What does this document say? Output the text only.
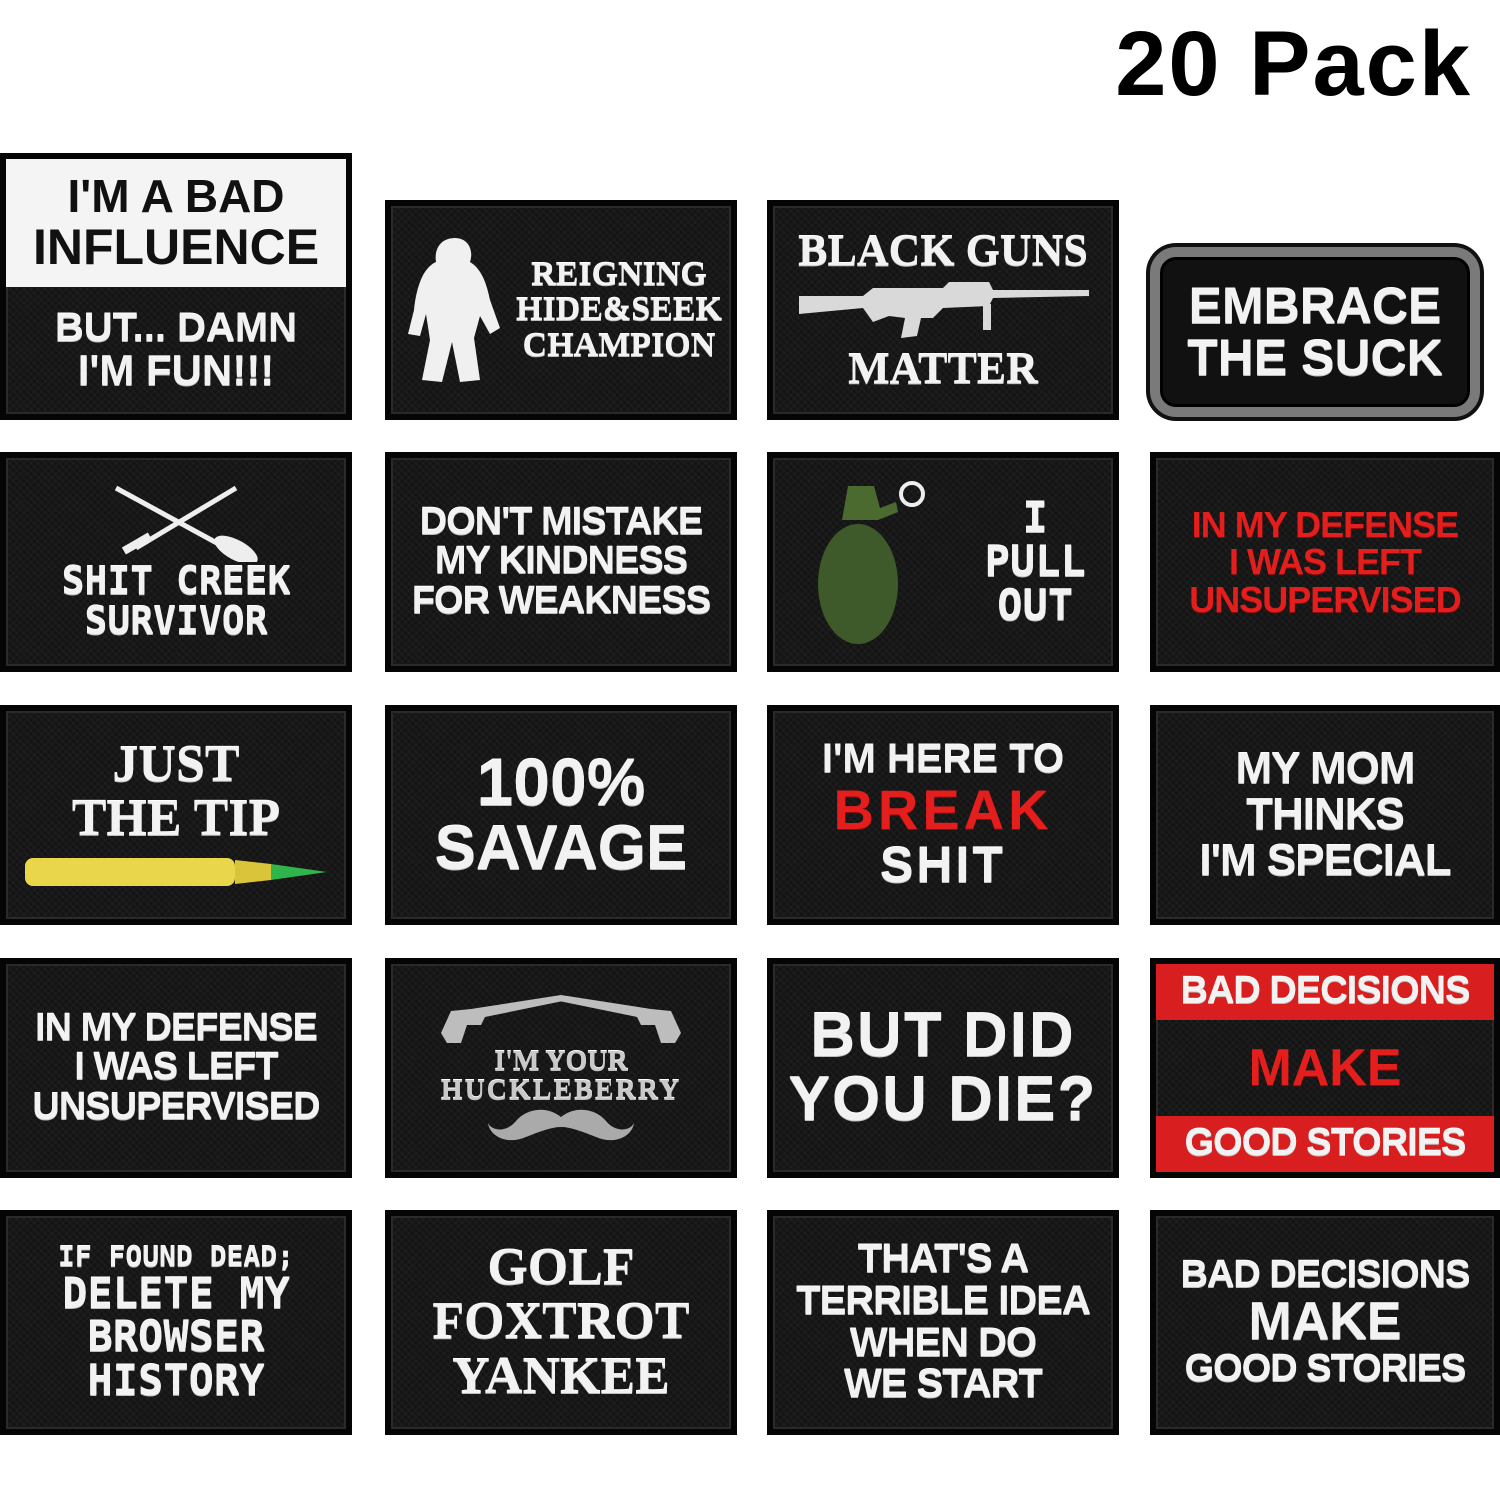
20 Pack
I'M A BAD
INFLUENCE
BUT... DAMN
I'M FUN!!!
REIGNING
HIDE&SEEK
CHAMPION
BLACK GUNS
MATTER
EMBRACE
THE SUCK
SHIT CREEK
SURVIVOR
DON'T MISTAKE
MY KINDNESS
FOR WEAKNESS
I
PULL
OUT
IN MY DEFENSE
I WAS LEFT
UNSUPERVISED
JUST
THE TIP	100%
SAVAGE
I'M HERE TO
BREAK
SHIT
MY MOM
THINKS
I'M SPECIAL
IN MY DEFENSE
I WAS LEFT
UNSUPERVISED
I'M YOUR
HUCKLEBERRY
BUT DID
YOU DIE?
BAD DECISIONS
MAKE
GOOD STORIES
IF FOUND DEAD;
DELETE MY
BROWSER
HISTORY
GOLF
FOXTROT
YANKEE
THAT'S A
TERRIBLE IDEA
WHEN DO
WE START
BAD DECISIONS
MAKE
GOOD STORIES
